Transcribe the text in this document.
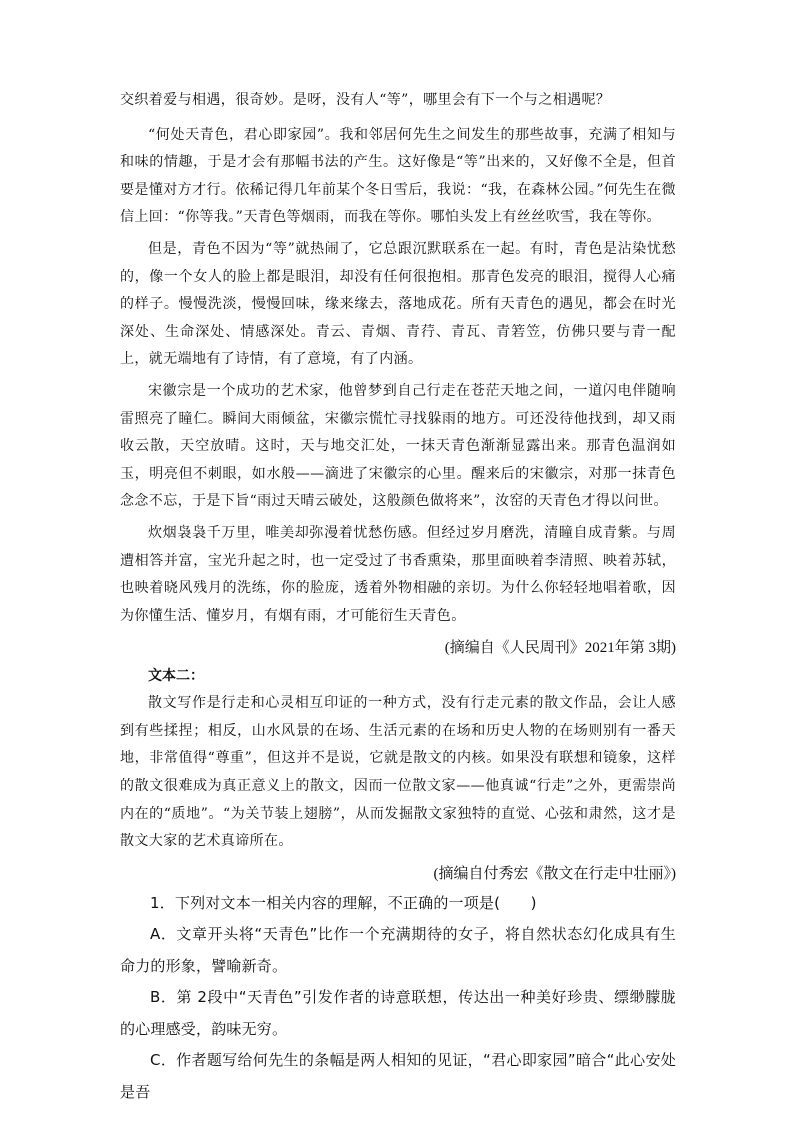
交织着爱与相遇，很奇妙。是呀，没有人“等”，哪里会有下一个与之相遇呢？

“何处天青色，君心即家园”。我和邻居何先生之间发生的那些故事，充满了相知与和味的情趣，于是才会有那幅书法的产生。这好像是“等”出来的，又好像不全是，但首要是懂对方才行。依稀记得几年前某个冬日雪后，我说：“我，在森林公园。”何先生在微信上回：“你等我。”天青色等烟雨，而我在等你。哪怕头发上有丝丝吹雪，我在等你。

但是，青色不因为“等”就热闹了，它总跟沉默联系在一起。有时，青色是沾染忧愁的，像一个女人的脸上都是眼泪，却没有任何很抱相。那青色发亮的眼泪，搅得人心痛的样子。慢慢洗淡，慢慢回味，缘来缘去，落地成花。所有天青色的遇见，都会在时光深处、生命深处、情感深处。青云、青烟、青荇、青瓦、青箬笠，仿佛只要与青一配上，就无端地有了诗情，有了意境，有了内涵。

宋徽宗是一个成功的艺术家，他曾梦到自己行走在苍茫天地之间，一道闪电伴随响雷照亮了瞳仁。瞬间大雨倾盆，宋徽宗慌忙寻找躲雨的地方。可还没待他找到，却又雨收云散，天空放晴。这时，天与地交汇处，一抹天青色渐渐显露出来。那青色温润如玉，明亮但不刺眼，如水般——滴进了宋徽宗的心里。醒来后的宋徽宗，对那一抹青色念念不忘，于是下旨“雨过天晴云破处，这般颜色做将来”，汝窑的天青色才得以问世。

炊烟袅袅千万里，唯美却弥漫着忧愁伤感。但经过岁月磨洗，清瞳自成青紫。与周遭相答并富，宝光升起之时，也一定受过了书香熏染，那里面映着李清照、映着苏轼，也映着晓风残月的洗练，你的脸庞，透着外物相融的亲切。为什么你轻轻地唱着歌，因为你懂生活、懂岁月，有烟有雨，才可能衍生天青色。

(摘编自《人民周刊》2021年第 3期)

文本二：

散文写作是行走和心灵相互印证的一种方式，没有行走元素的散文作品，会让人感到有些揉捏；相反，山水风景的在场、生活元素的在场和历史人物的在场则别有一番天地，非常值得“尊重”，但这并不是说，它就是散文的内核。如果没有联想和镜象，这样的散文很难成为真正意义上的散文，因而一位散文家——他真诚“行走”之外，更需崇尚内在的“质地”。“为关节装上翅膀”，从而发掘散文家独特的直觉、心弦和肃然，这才是散文大家的艺术真谛所在。

(摘编自付秀宏《散文在行走中壮丽》)

1．下列对文本一相关内容的理解，不正确的一项是(　　)

A．文章开头将“天青色”比作一个充满期待的女子，将自然状态幻化成具有生命力的形象，譬喻新奇。

B．第 2段中“天青色”引发作者的诗意联想，传达出一种美好珍贵、缥缈朦胧的心理感受，韵味无穷。

C．作者题写给何先生的条幅是两人相知的见证，“君心即家园”暗合“此心安处是吾
